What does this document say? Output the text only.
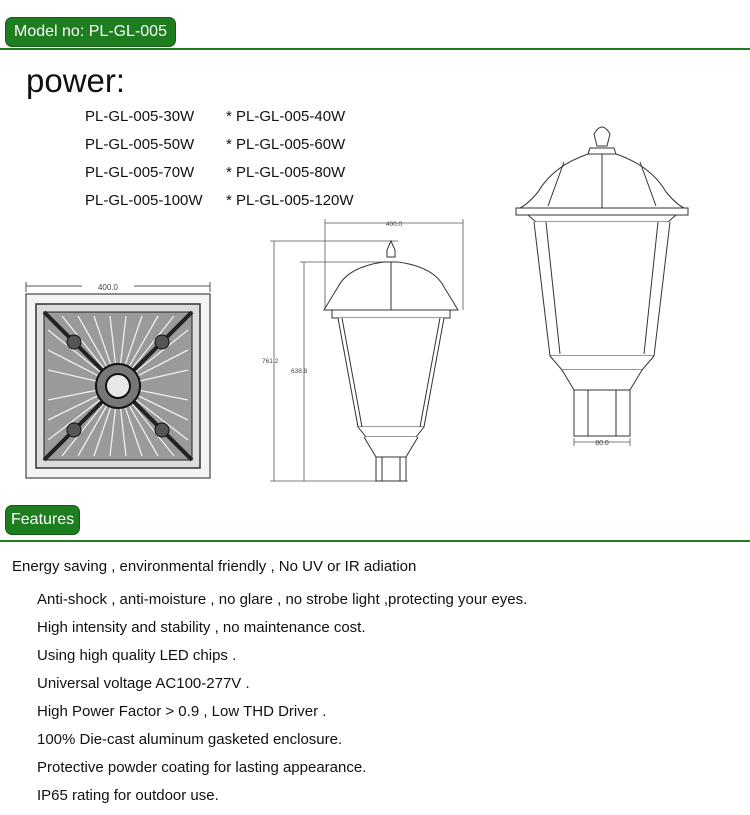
Model no: PL-GL-005
power:
PL-GL-005-30W	* PL-GL-005-40W
PL-GL-005-50W	* PL-GL-005-60W
PL-GL-005-70W	* PL-GL-005-80W
PL-GL-005-100W	* PL-GL-005-120W
400.0
400.0
761.2
638.8
80.0
Features
Energy saving , environmental friendly , No UV or IR adiation
Anti-shock , anti-moisture , no glare , no strobe light ,protecting your eyes.
High intensity and stability , no maintenance cost.
Using high quality LED chips .
Universal voltage AC100-277V .
High Power Factor > 0.9 , Low THD Driver .
100% Die-cast aluminum gasketed enclosure.
Protective powder coating for lasting appearance.
IP65 rating for outdoor use.
